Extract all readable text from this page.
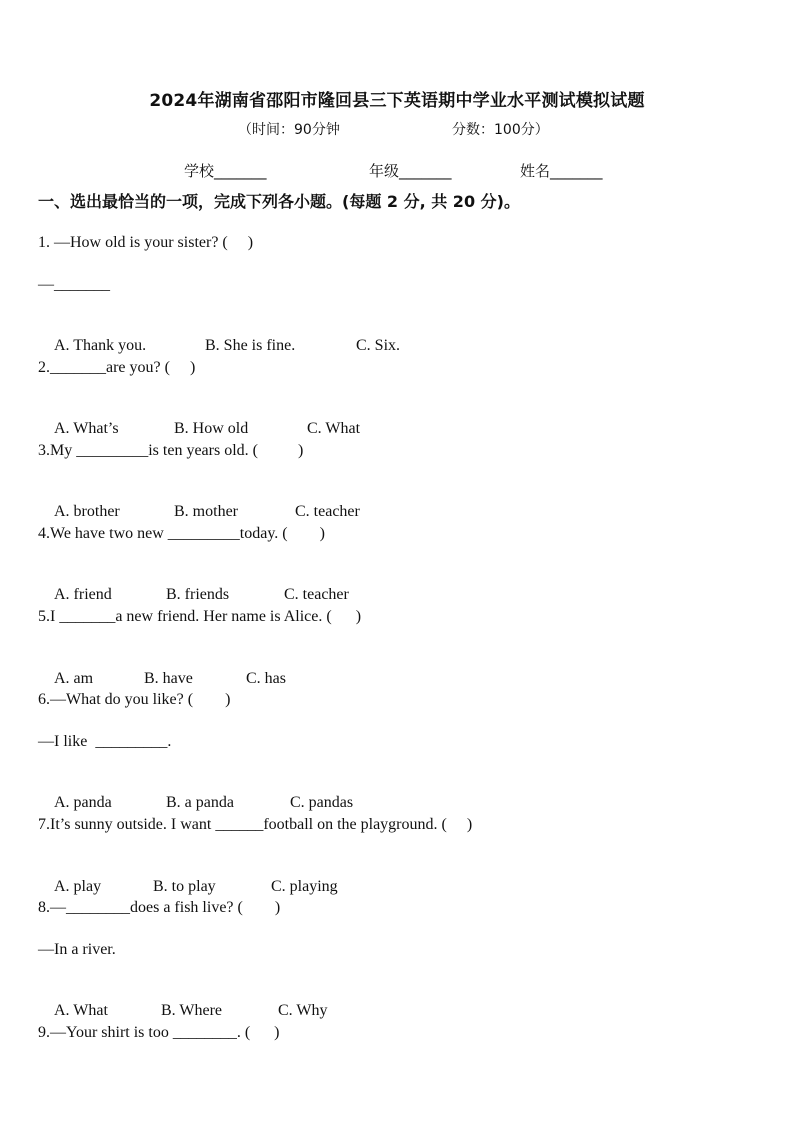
2024年湖南省邵阳市隆回县三下英语期中学业水平测试模拟试题
（时间：90分钟	分数：100分）
学校_______	年级_______	姓名_______
一、选出最恰当的一项，完成下列各小题。(每题 2 分, 共 20 分)。
1. —How old is your sister? (     )
—_______

A. Thank you.	B. She is fine.	C. Six.

2._______are you? (     )

A. What’s	B. How old	C. What

3.My _________is ten years old. (          )

A. brother	B. mother	C. teacher

4.We have two new _________today. (        )

A. friend	B. friends	C. teacher

5.I _______a new friend. Her name is Alice. (      )

A. am	B. have	C. has

6.—What do you like? (        )
—I like  _________.

A. panda	B. a panda	C. pandas

7.It’s sunny outside. I want ______football on the playground. (     )

A. play	B. to play	C. playing

8.—________does a fish live? (        )
—In a river.

A. What	B. Where	C. Why

9.—Your shirt is too ________. (      )
